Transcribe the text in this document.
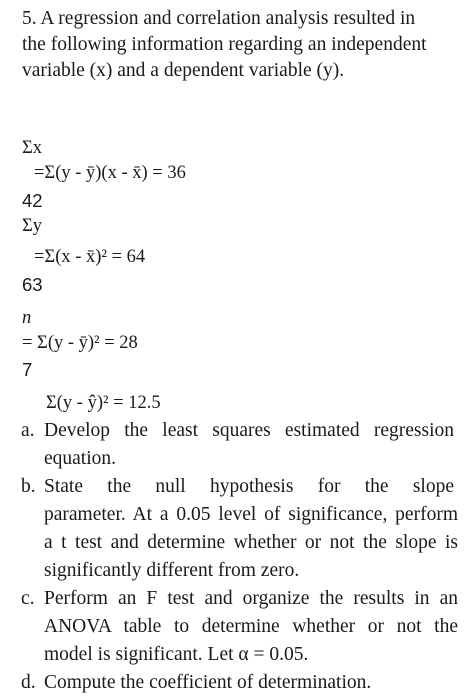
5. A regression and correlation analysis resulted in
the following information regarding an independent
variable (x) and a dependent variable (y).
Σx
=Σ(y - ȳ)(x - x̄) = 36
42
Σy
=Σ(x - x̄)² = 64
63
n
= Σ(y - ȳ)² = 28
7
Σ(y - ŷ)² = 12.5
a. Develop the least squares estimated regression
equation.
b. State the null hypothesis for the slope
parameter. At a 0.05 level of significance, perform
a t test and determine whether or not the slope is
significantly different from zero.
c. Perform an F test and organize the results in an
ANOVA table to determine whether or not the
model is significant. Let α = 0.05.
d. Compute the coefficient of determination.
